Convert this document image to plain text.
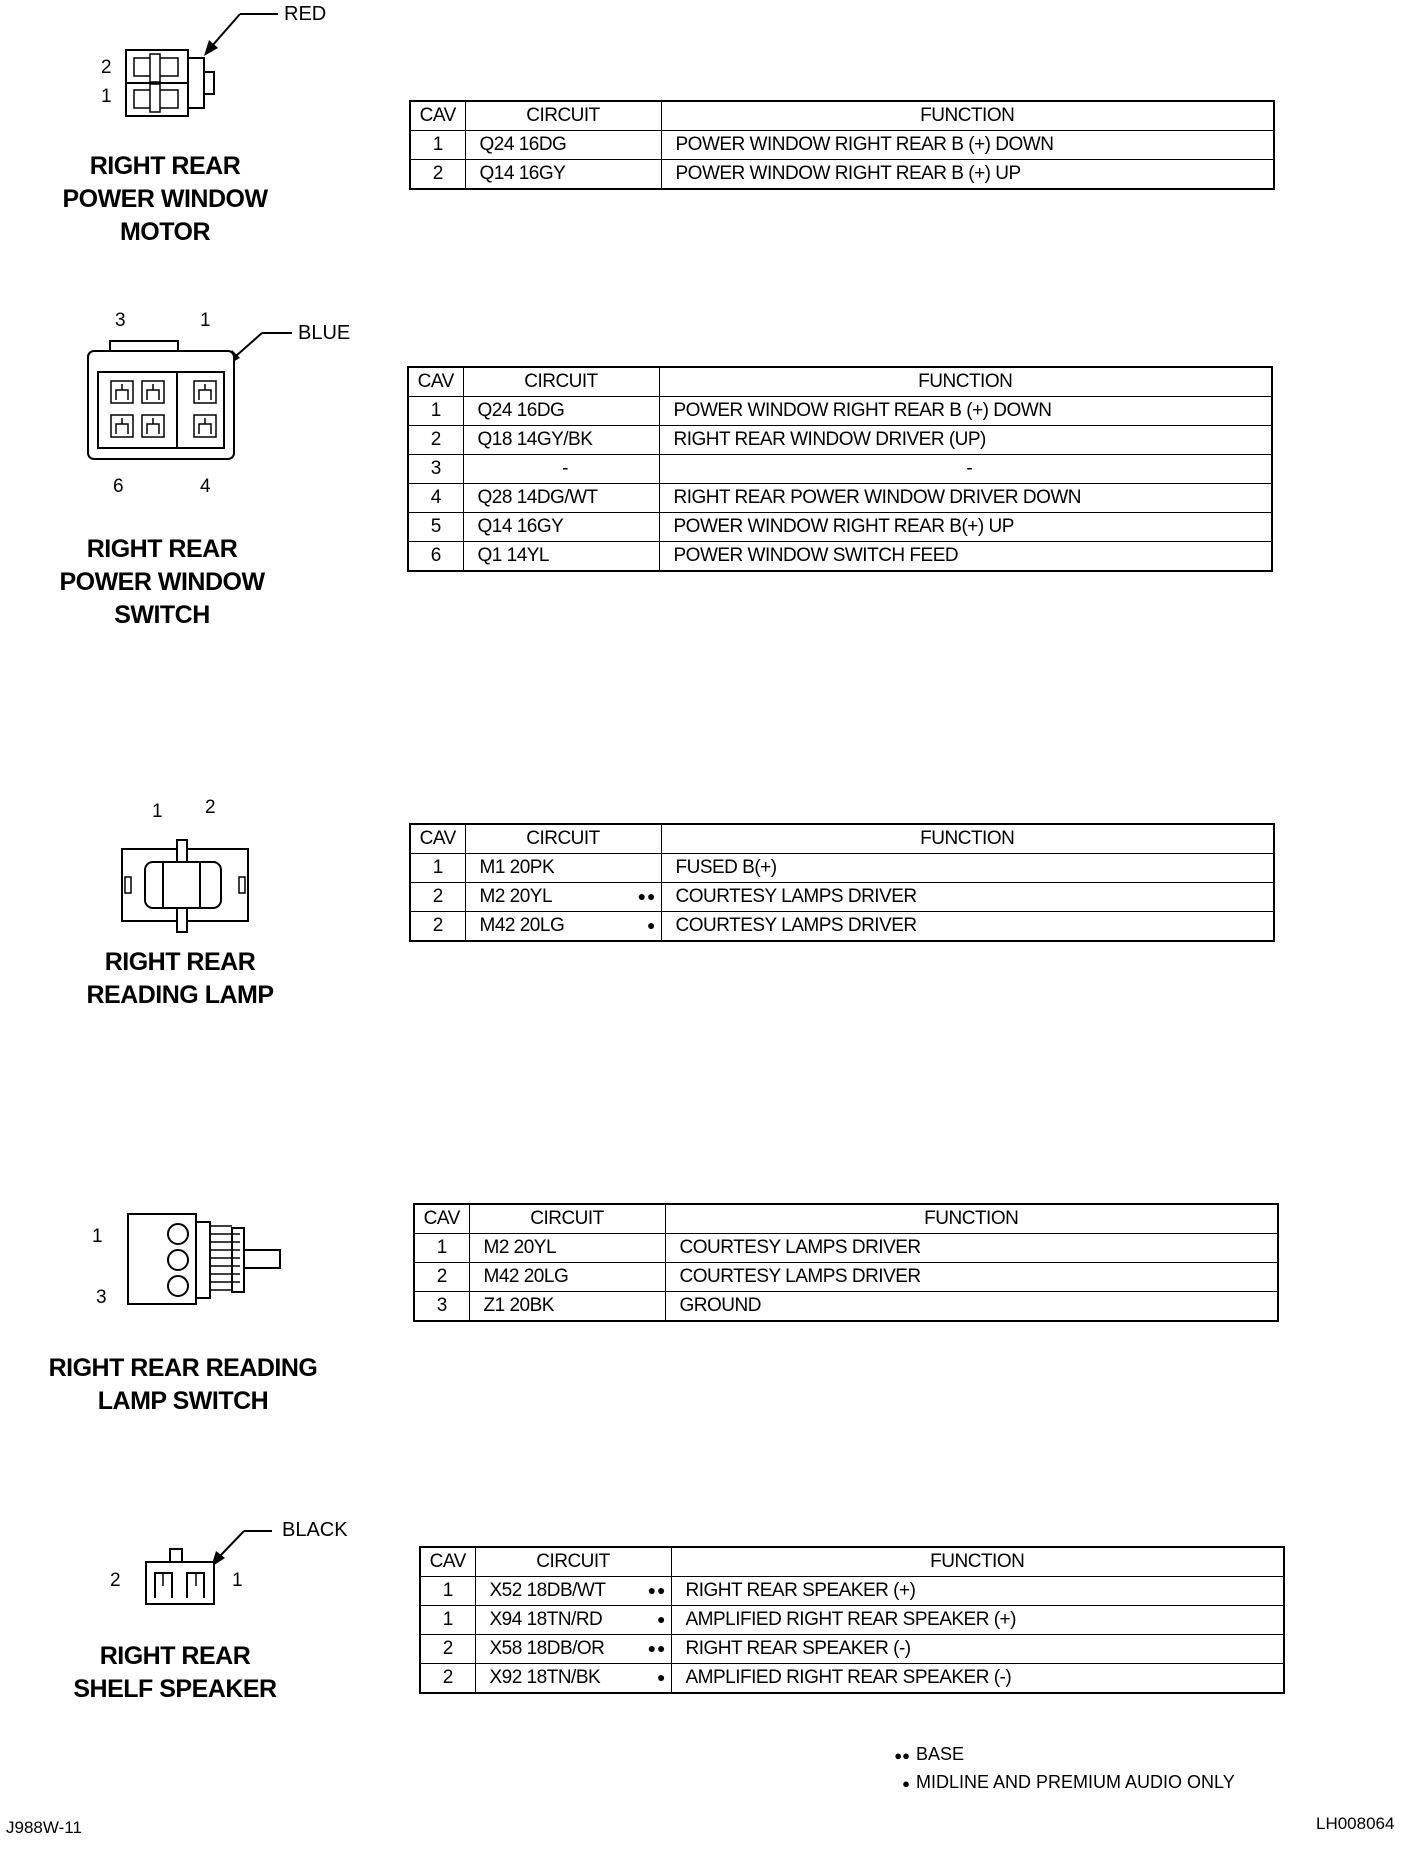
RED
2
1
RIGHT REAR
POWER WINDOW
MOTOR
CAV	CIRCUIT	FUNCTION
1	Q24 16DG	POWER WINDOW RIGHT REAR B (+) DOWN
2	Q14 16GY	POWER WINDOW RIGHT REAR B (+) UP
BLUE
3	1
6	4
RIGHT REAR
POWER WINDOW
SWITCH
CAV	CIRCUIT	FUNCTION
1	Q24 16DG	POWER WINDOW RIGHT REAR B (+) DOWN
2	Q18 14GY/BK	RIGHT REAR WINDOW DRIVER (UP)
3	-	-
4	Q28 14DG/WT	RIGHT REAR POWER WINDOW DRIVER DOWN
5	Q14 16GY	POWER WINDOW RIGHT REAR B(+) UP
6	Q1 14YL	POWER WINDOW SWITCH FEED
1 2
RIGHT REAR
READING LAMP
CAV	CIRCUIT	FUNCTION
1	M1 20PK	FUSED B(+)
2	M2 20YL ●●	COURTESY LAMPS DRIVER
2	M42 20LG ●	COURTESY LAMPS DRIVER
1
3
RIGHT REAR READING
LAMP SWITCH
CAV	CIRCUIT	FUNCTION
1	M2 20YL	COURTESY LAMPS DRIVER
2	M42 20LG	COURTESY LAMPS DRIVER
3	Z1 20BK	GROUND
BLACK
2	1
RIGHT REAR
SHELF SPEAKER
CAV	CIRCUIT	FUNCTION
1	X52 18DB/WT ●●	RIGHT REAR SPEAKER (+)
1	X94 18TN/RD ●	AMPLIFIED RIGHT REAR SPEAKER (+)
2	X58 18DB/OR ●●	RIGHT REAR SPEAKER (-)
2	X92 18TN/BK ●	AMPLIFIED RIGHT REAR SPEAKER (-)
●● BASE
● MIDLINE AND PREMIUM AUDIO ONLY
J988W-11	LH008064
